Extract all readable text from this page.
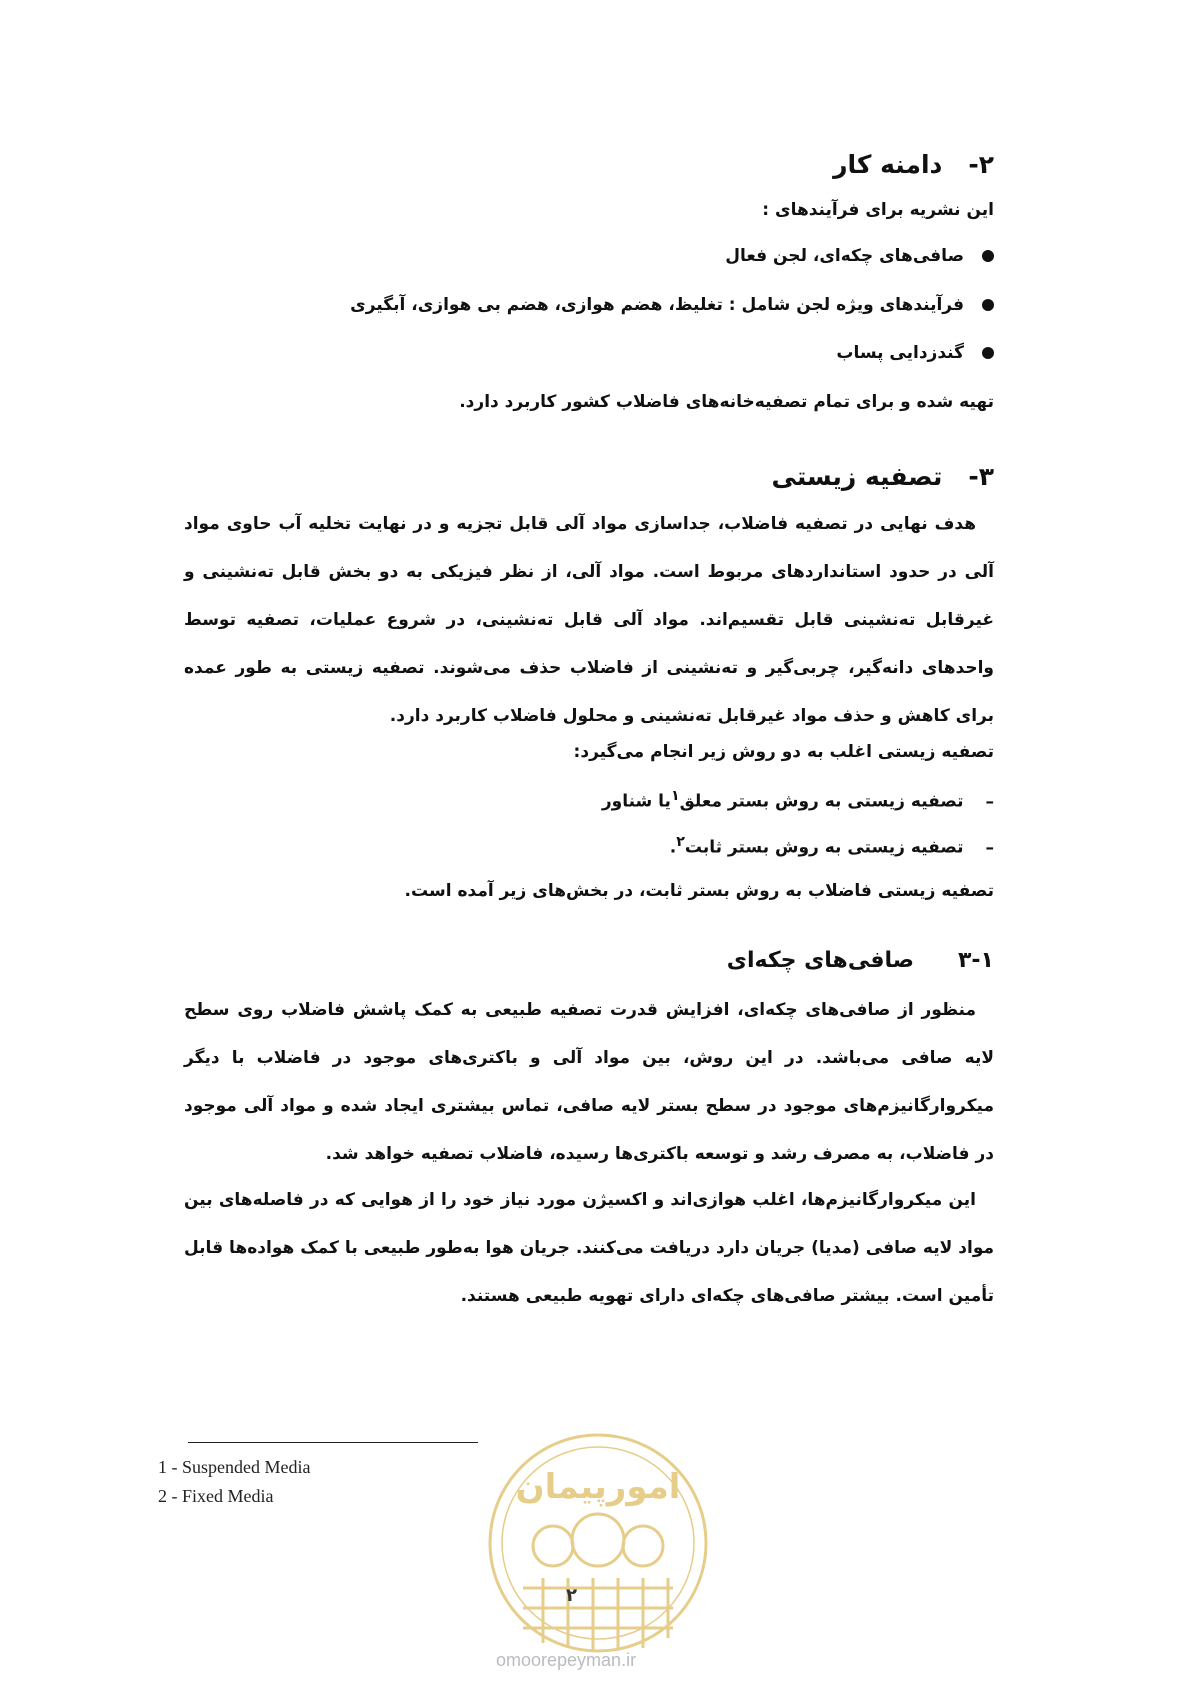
۲-دامنه کار
این نشریه برای فرآیندهای :
صافی‌های چکه‌ای، لجن فعال
فرآیندهای ویژه لجن شامل : تغلیظ، هضم هوازی، هضم بی هوازی، آبگیری
گندزدایی پساب
تهیه شده و برای تمام تصفیه‌خانه‌های فاضلاب کشور کاربرد دارد.
۳-تصفیه زیستی
هدف نهایی در تصفیه فاضلاب، جداسازی مواد آلی قابل تجزیه و در نهایت تخلیه آب حاوی مواد آلی در حدود استانداردهای مربوط است. مواد آلی، از نظر فیزیکی به دو بخش قابل ته‌نشینی و غیرقابل ته‌نشینی قابل تقسیم‌اند. مواد آلی قابل ته‌نشینی، در شروع عملیات، تصفیه توسط واحدهای دانه‌گیر، چربی‌گیر و ته‌نشینی از فاضلاب حذف می‌شوند. تصفیه زیستی به طور عمده برای کاهش و حذف مواد غیرقابل ته‌نشینی و محلول فاضلاب کاربرد دارد.
تصفیه زیستی اغلب به دو روش زیر انجام می‌گیرد:
–تصفیه زیستی به روش بستر معلق$^۱$یا شناور
–تصفیه زیستی به روش بستر ثابت$^۲$.
تصفیه زیستی فاضلاب به روش بستر ثابت، در بخش‌های زیر آمده است.
۳-۱صافی‌های چکه‌ای
منظور از صافی‌های چکه‌ای، افزایش قدرت تصفیه طبیعی به کمک پاشش فاضلاب روی سطح لایه صافی می‌باشد. در این روش، بین مواد آلی و باکتری‌های موجود در فاضلاب با دیگر میکروارگانیزم‌های موجود در سطح بستر لایه صافی، تماس بیشتری ایجاد شده و مواد آلی موجود در فاضلاب، به مصرف رشد و توسعه باکتری‌ها رسیده، فاضلاب تصفیه خواهد شد.
این میکروارگانیزم‌ها، اغلب هوازی‌اند و اکسیژن مورد نیاز خود را از هوایی که در فاصله‌های بین مواد لایه صافی (مدیا) جریان دارد دریافت می‌کنند. جریان هوا به‌طور طبیعی با کمک هواده‌ها قابل تأمین است. بیشتر صافی‌های چکه‌ای دارای تهویه طبیعی هستند.
1 - Suspended Media
2 - Fixed Media	امورپیمان
۲
omoorepeyman.ir
